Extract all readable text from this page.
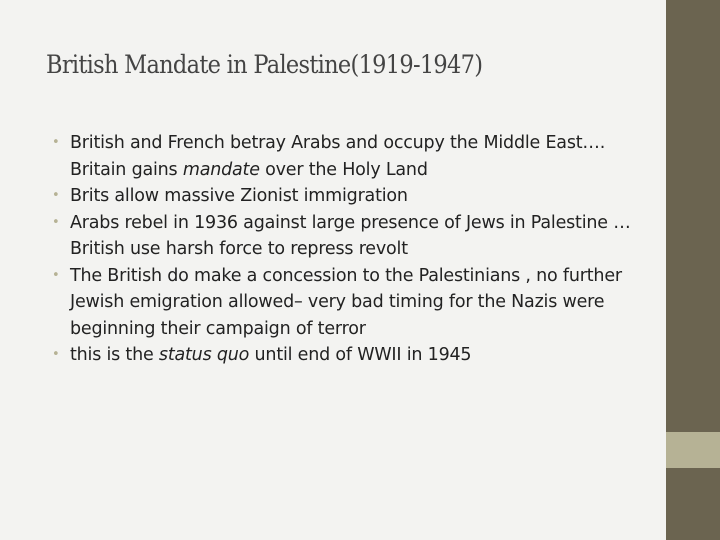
British Mandate in Palestine(1919-1947)
• British and French betray Arabs and occupy the Middle East…. Britain gains mandate over the Holy Land
• Brits allow massive Zionist immigration
• Arabs rebel in 1936 against large presence of Jews in Palestine … British use harsh force to repress revolt
• The British do make a concession to the Palestinians , no further Jewish emigration allowed– very bad timing for the Nazis were beginning their campaign of terror
• this is the status quo until end of WWII in 1945
